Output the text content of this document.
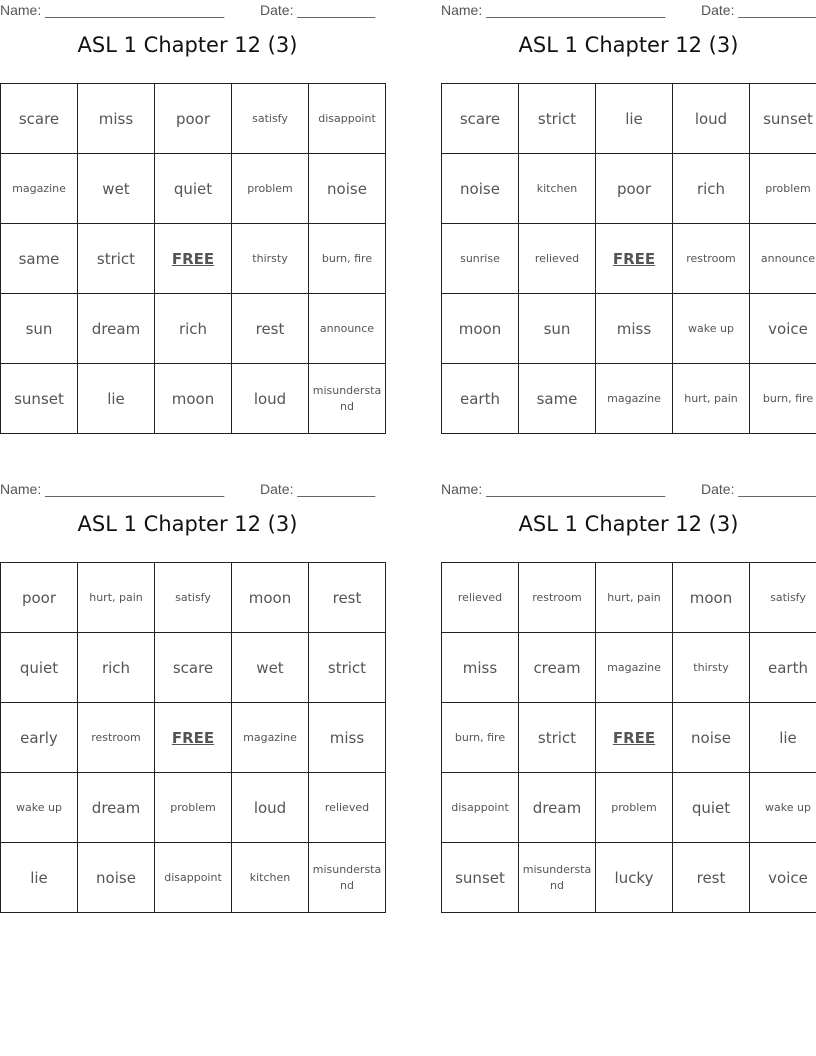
Name: _______________________	Date: __________
ASL 1 Chapter 12 (3)
scare	miss	poor	satisfy	disappoint
magazine	wet	quiet	problem	noise
same	strict	FREE	thirsty	burn, fire
sun	dream	rich	rest	announce
sunset	lie	moon	loud	misunderstand
Name: _______________________	Date: __________
ASL 1 Chapter 12 (3)
scare	strict	lie	loud	sunset
noise	kitchen	poor	rich	problem
sunrise	relieved	FREE	restroom	announce
moon	sun	miss	wake up	voice
earth	same	magazine	hurt, pain	burn, fire
Name: _______________________	Date: __________
ASL 1 Chapter 12 (3)
poor	hurt, pain	satisfy	moon	rest
quiet	rich	scare	wet	strict
early	restroom	FREE	magazine	miss
wake up	dream	problem	loud	relieved
lie	noise	disappoint	kitchen	misunderstand
Name: _______________________	Date: __________
ASL 1 Chapter 12 (3)
relieved	restroom	hurt, pain	moon	satisfy
miss	cream	magazine	thirsty	earth
burn, fire	strict	FREE	noise	lie
disappoint	dream	problem	quiet	wake up
sunset	misunderstand	lucky	rest	voice
